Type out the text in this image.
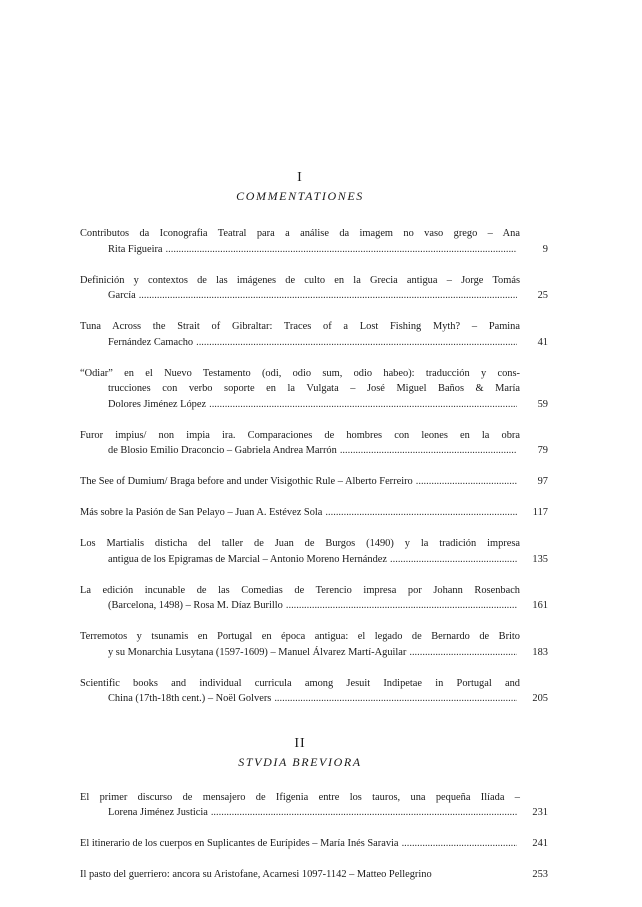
I

COMMENTATIONES

Contributos da Iconografia Teatral para a análise da imagem no vaso grego – Ana
Rita Figueira .....	9
Definición y contextos de las imágenes de culto en la Grecia antigua – Jorge Tomás
García .....	25
Tuna Across the Strait of Gibraltar: Traces of a Lost Fishing Myth? – Pamina
Fernández Camacho .....	41
“Odiar” en el Nuevo Testamento (odi, odio sum, odio habeo): traducción y cons-
trucciones con verbo soporte en la Vulgata – José Miguel Baños & María
Dolores Jiménez López .....	59
Furor impius/ non impia ira. Comparaciones de hombres con leones en la obra
de Blosio Emilio Draconcio – Gabriela Andrea Marrón .....	79
The See of Dumium/ Braga before and under Visigothic Rule – Alberto Ferreiro .....	97
Más sobre la Pasión de San Pelayo – Juan A. Estévez Sola .....	117
Los Martialis disticha del taller de Juan de Burgos (1490) y la tradición impresa
antigua de los Epigramas de Marcial – Antonio Moreno Hernández .....	135
La edición incunable de las Comedias de Terencio impresa por Johann Rosenbach
(Barcelona, 1498) – Rosa M. Díaz Burillo .....	161
Terremotos y tsunamis en Portugal en época antigua: el legado de Bernardo de Brito
y su Monarchia Lusytana (1597-1609) – Manuel Álvarez Martí-Aguilar .....	183
Scientific books and individual curricula among Jesuit Indipetae in Portugal and
China (17th-18th cent.) – Noël Golvers .....	205

II

STVDIA BREVIORA

El primer discurso de mensajero de Ifigenia entre los tauros, una pequeña Ilíada –
Lorena Jiménez Justicia .....	231
El itinerario de los cuerpos en Suplicantes de Eurípides – María Inés Saravia .....	241
Il pasto del guerriero: ancora su Aristofane, Acarnesi 1097-1142 – Matteo Pellegrino	253
